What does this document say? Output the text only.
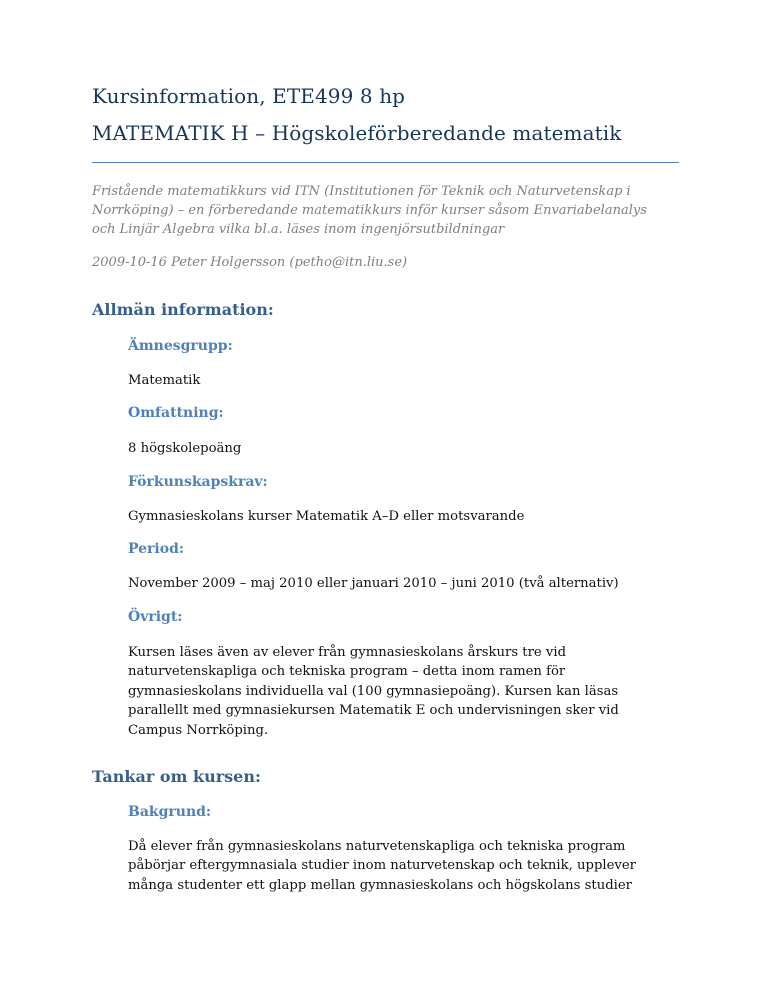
Kursinformation, ETE499 8 hp
MATEMATIK H – Högskoleförberedande matematik
Fristående matematikkurs vid ITN (Institutionen för Teknik och Naturvetenskap i
Norrköping) – en förberedande matematikkurs inför kurser såsom Envariabelanalys
och Linjär Algebra vilka bl.a. läses inom ingenjörsutbildningar
2009-10-16 Peter Holgersson (petho@itn.liu.se)
Allmän information:
Ämnesgrupp:
Matematik
Omfattning:
8 högskolepoäng
Förkunskapskrav:
Gymnasieskolans kurser Matematik A–D eller motsvarande
Period:
November 2009 – maj 2010 eller januari 2010 – juni 2010 (två alternativ)
Övrigt:
Kursen läses även av elever från gymnasieskolans årskurs tre vid
naturvetenskapliga och tekniska program – detta inom ramen för
gymnasieskolans individuella val (100 gymnasiepoäng). Kursen kan läsas
parallellt med gymnasiekursen Matematik E och undervisningen sker vid
Campus Norrköping.
Tankar om kursen:
Bakgrund:
Då elever från gymnasieskolans naturvetenskapliga och tekniska program
påbörjar eftergymnasiala studier inom naturvetenskap och teknik, upplever
många studenter ett glapp mellan gymnasieskolans och högskolans studier
